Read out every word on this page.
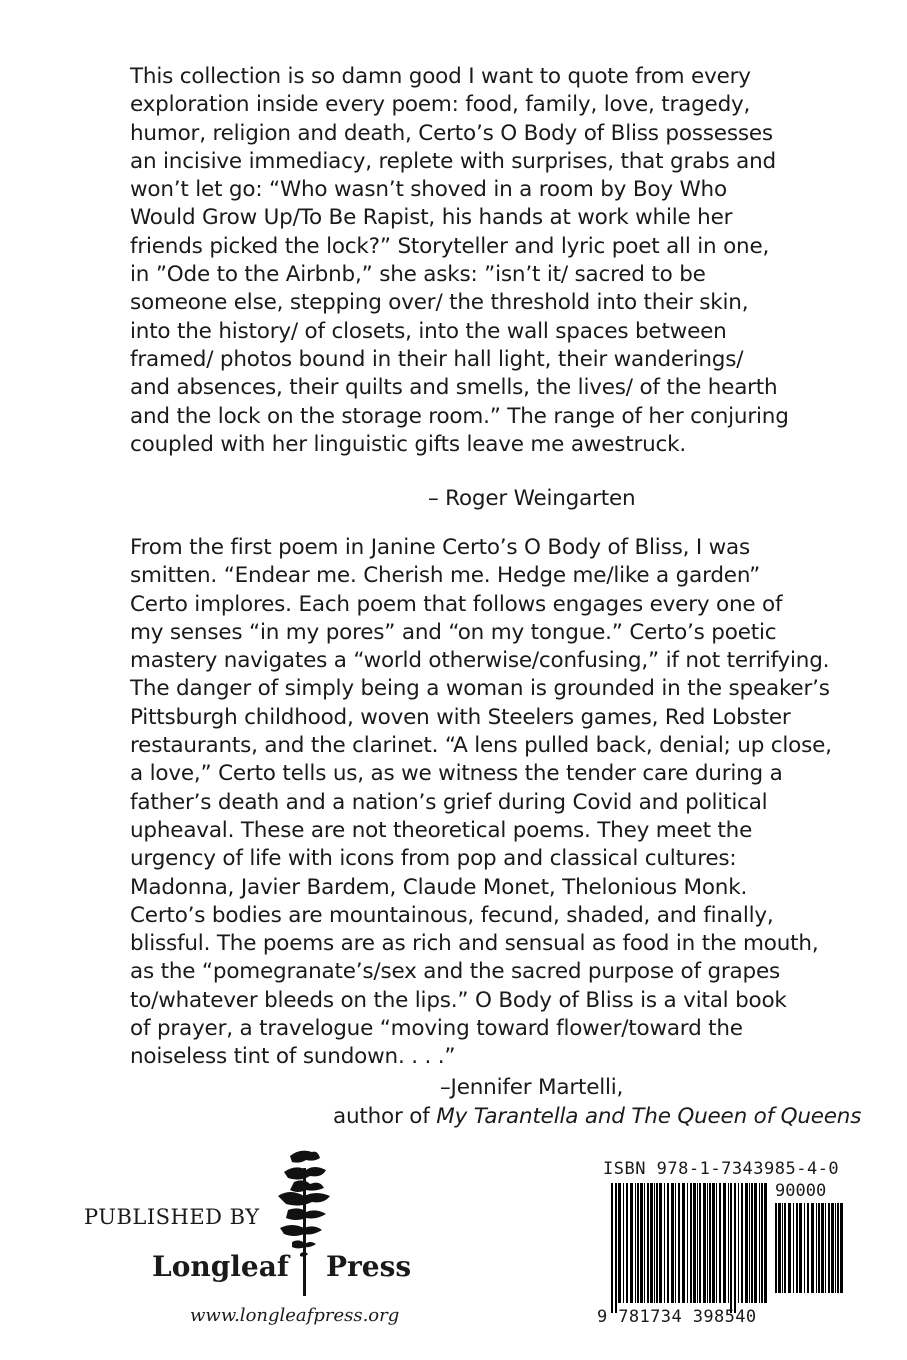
This collection is so damn good I want to quote from every

exploration inside every poem: food, family, love, tragedy,

humor, religion and death, Certo’s O Body of Bliss possesses

an incisive immediacy, replete with surprises, that grabs and

won’t let go: “Who wasn’t shoved in a room by Boy Who

Would Grow Up/To Be Rapist, his hands at work while her

friends picked the lock?” Storyteller and lyric poet all in one,

in ”Ode to the Airbnb,” she asks: ”isn’t it/ sacred to be

someone else, stepping over/ the threshold into their skin,

into the history/ of closets, into the wall spaces between

framed/ photos bound in their hall light, their wanderings/

and absences, their quilts and smells, the lives/ of the hearth

and the lock on the storage room.” The range of her conjuring

coupled with her linguistic gifts leave me awestruck.

– Roger Weingarten

From the first poem in Janine Certo’s O Body of Bliss, I was

smitten. “Endear me. Cherish me. Hedge me/like a garden”

Certo implores. Each poem that follows engages every one of

my senses “in my pores” and “on my tongue.” Certo’s poetic

mastery navigates a “world otherwise/confusing,” if not terrifying.

The danger of simply being a woman is grounded in the speaker’s

Pittsburgh childhood, woven with Steelers games, Red Lobster

restaurants, and the clarinet. “A lens pulled back, denial; up close,

a love,” Certo tells us, as we witness the tender care during a

father’s death and a nation’s grief during Covid and political

upheaval. These are not theoretical poems. They meet the

urgency of life with icons from pop and classical cultures:

Madonna, Javier Bardem, Claude Monet, Thelonious Monk.

Certo’s bodies are mountainous, fecund, shaded, and finally,

blissful. The poems are as rich and sensual as food in the mouth,

as the “pomegranate’s/sex and the sacred purpose of grapes

to/whatever bleeds on the lips.” O Body of Bliss is a vital book

of prayer, a travelogue “moving toward flower/toward the

noiseless tint of sundown. . . .”

–Jennifer Martelli,
author of My Tarantella and The Queen of Queens
PUBLISHED BY
Longleaf Press
www.longleafpress.org
ISBN 978-1-7343985-4-0
90000
9 781734 398540
